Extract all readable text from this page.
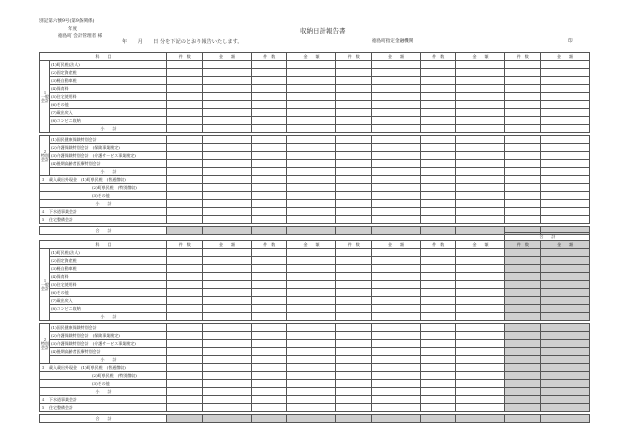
別記第六號9号(第9条関係)
収納日計報告書
年度
徳島町 会計管理者 様
年　　月　　日 分を下記のとおり報告いたします。	徳島町指定金融機関	印
科　　目		件　数	金　　額	件　数	金　　額	件　数	金　　額	件　数	金　　額	件　数	金　　額
１　一般会計	(1)町民税(法人)										
	(2)固定資産税										
	(3)軽自動車税										
	(4)保育料										
	(5)住宅使用料										
	(6)その他										
	(7)歳出戻入										
	(8)コンビニ収納										
	小　　計										

２　特別会計	(1)国民健康保険特別会計										
	(2)介護保険特別会計　(保険事業勘定)										
	(3)介護保険特別会計　(介護サービス事業勘定)										
	(4)後期高齢者医療特別会計										
	小　　計										
３　歳入歳出外現金 (1)町県民税　(普通徴収)											
(2)町県民税　(特別徴収)											
(3)その他											
小　　計											
４　下水道事業会計											
５　住宅整備会計											

合　　計											
										合　　計	
科　　目		件　数	金　　額	件　数	金　　額	件　数	金　　額	件　数	金　　額	件　数	金　　額
１　一般会計	(1)町民税(法人)										
	(2)固定資産税										
	(3)軽自動車税										
	(4)保育料										
	(5)住宅使用料										
	(6)その他										
	(7)歳出戻入										
	(8)コンビニ収納										
	小　　計										

２　特別会計	(1)国民健康保険特別会計										
	(2)介護保険特別会計　(保険事業勘定)										
	(3)介護保険特別会計　(介護サービス事業勘定)										
	(4)後期高齢者医療特別会計										
	小　　計										
３　歳入歳出外現金 (1)町県民税　(普通徴収)											
(2)町県民税　(特別徴収)											
(3)その他											
小　　計											
４　下水道事業会計											
５　住宅整備会計											

合　　計											
